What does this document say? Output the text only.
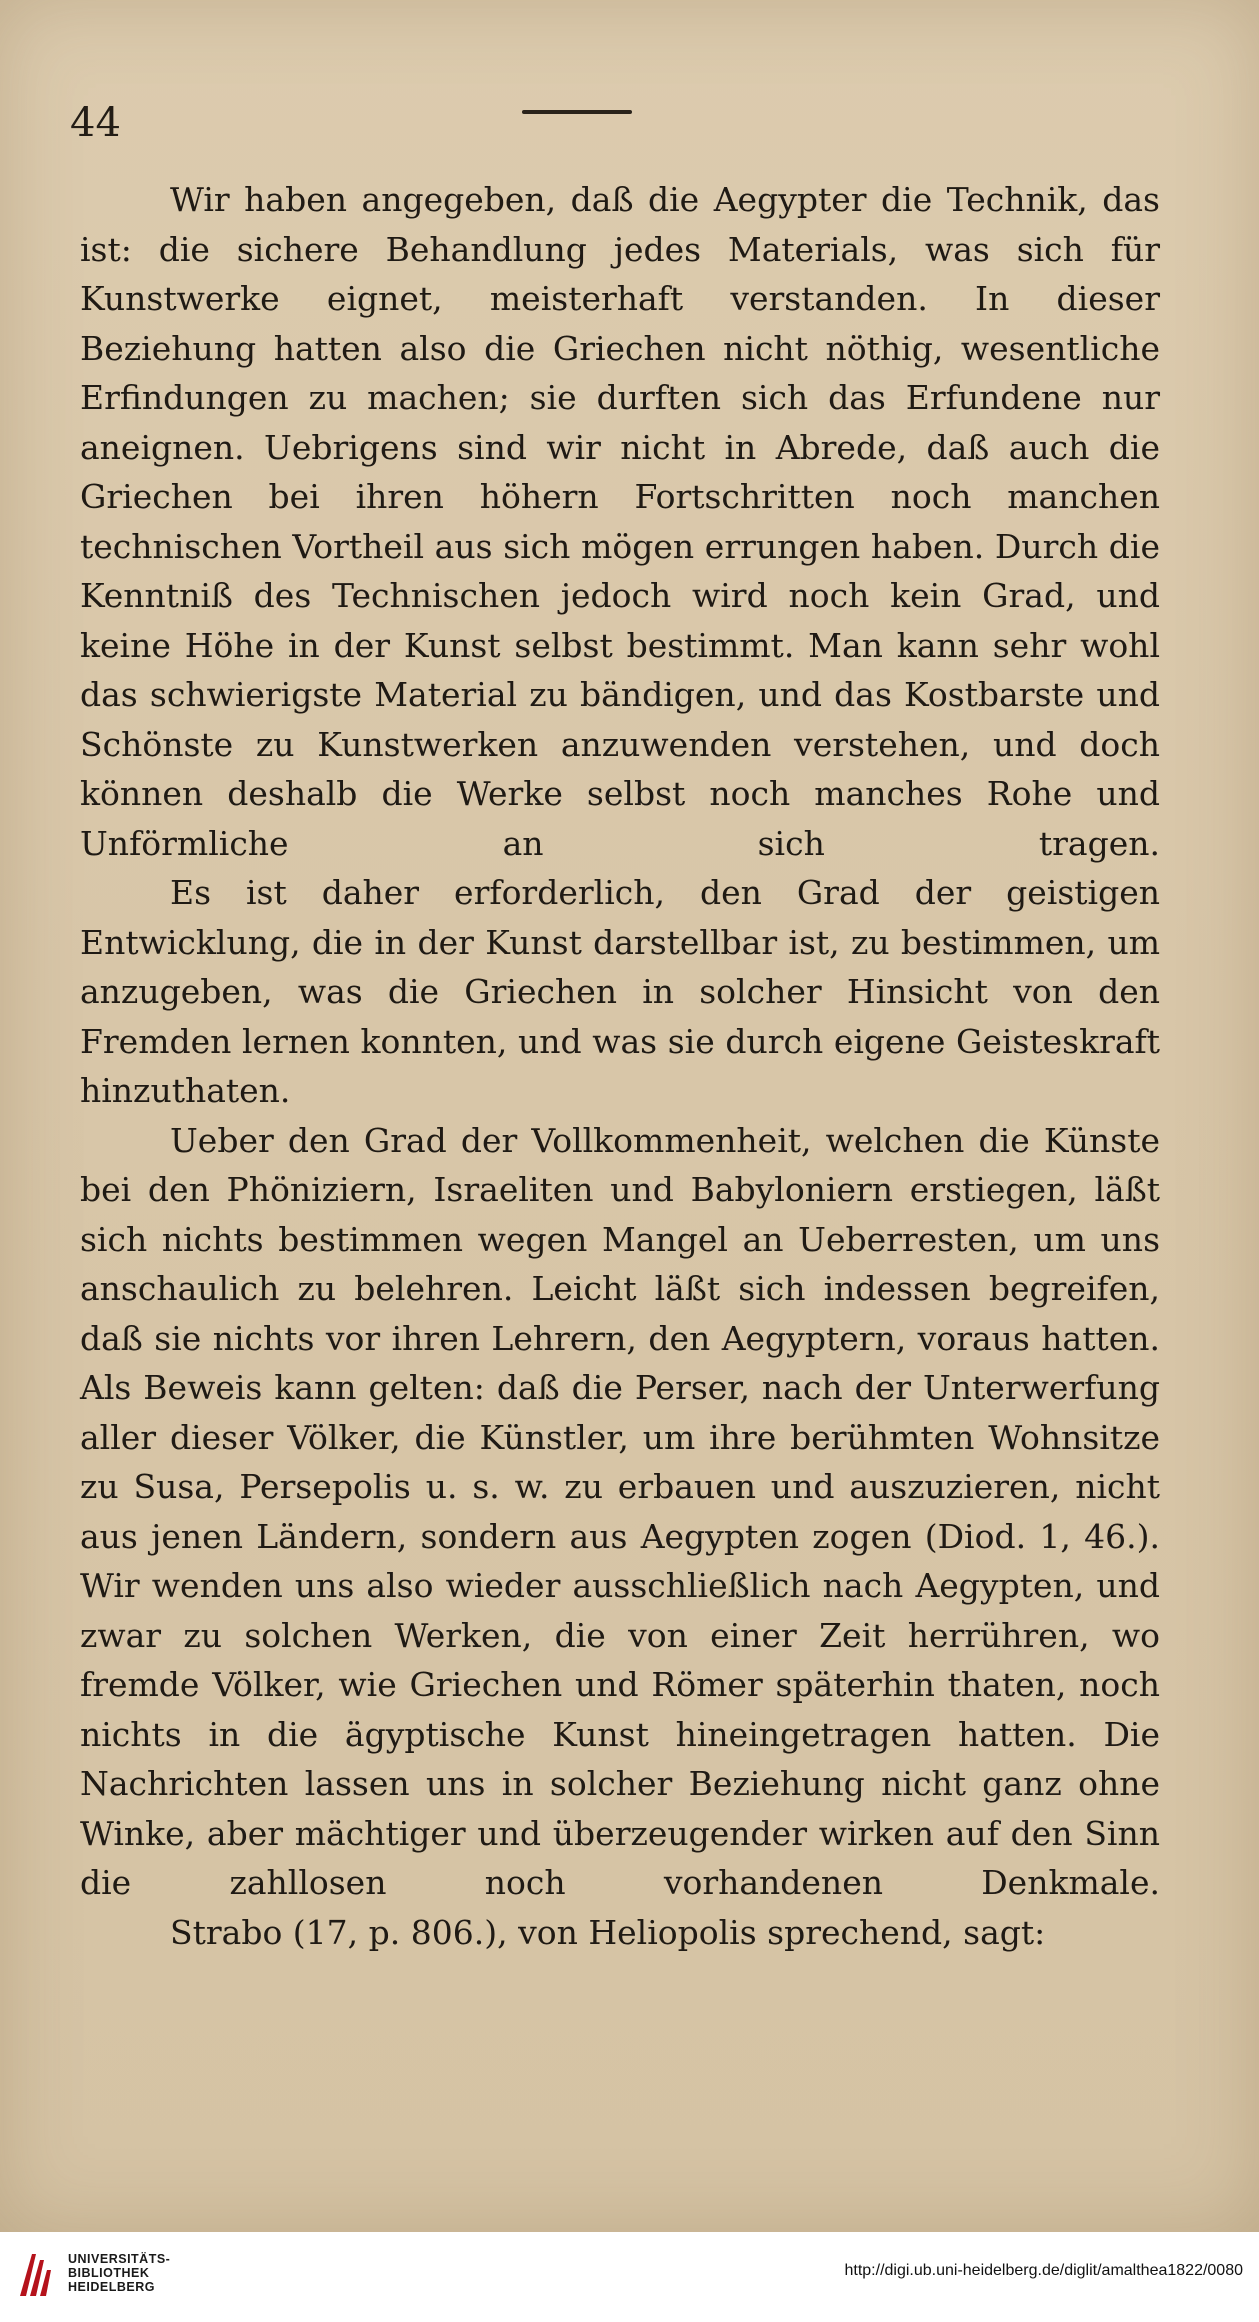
44

Wir haben angegeben, daß die Aegypter die Technik, das ist: die sichere Behandlung jedes Materials, was sich für Kunstwerke eignet, meisterhaft verstanden. In dieser Beziehung hatten also die Griechen nicht nöthig, wesentliche Erfindungen zu machen; sie durften sich das Erfundene nur aneignen. Uebrigens sind wir nicht in Abrede, daß auch die Griechen bei ihren höhern Fortschritten noch manchen technischen Vortheil aus sich mögen errungen haben. Durch die Kenntniß des Technischen jedoch wird noch kein Grad, und keine Höhe in der Kunst selbst bestimmt. Man kann sehr wohl das schwierigste Material zu bändigen, und das Kostbarste und Schönste zu Kunstwerken anzuwenden verstehen, und doch können deshalb die Werke selbst noch manches Rohe und Unförmliche an sich tragen.

Es ist daher erforderlich, den Grad der geistigen Entwicklung, die in der Kunst darstellbar ist, zu bestimmen, um anzugeben, was die Griechen in solcher Hinsicht von den Fremden lernen konnten, und was sie durch eigene Geisteskraft hinzuthaten.

Ueber den Grad der Vollkommenheit, welchen die Künste bei den Phöniziern, Israeliten und Babyloniern erstiegen, läßt sich nichts bestimmen wegen Mangel an Ueberresten, um uns anschaulich zu belehren. Leicht läßt sich indessen begreifen, daß sie nichts vor ihren Lehrern, den Aegyptern, voraus hatten. Als Beweis kann gelten: daß die Perser, nach der Unterwerfung aller dieser Völker, die Künstler, um ihre berühmten Wohnsitze zu Susa, Persepolis u. s. w. zu erbauen und auszuzieren, nicht aus jenen Ländern, sondern aus Aegypten zogen (Diod. 1, 46.). Wir wenden uns also wieder ausschließlich nach Aegypten, und zwar zu solchen Werken, die von einer Zeit herrühren, wo fremde Völker, wie Griechen und Römer späterhin thaten, noch nichts in die ägyptische Kunst hineingetragen hatten. Die Nachrichten lassen uns in solcher Beziehung nicht ganz ohne Winke, aber mächtiger und überzeugender wirken auf den Sinn die zahllosen noch vorhandenen Denkmale.

Strabo (17, p. 806.), von Heliopolis sprechend, sagt:

UNIVERSITÄTS-
BIBLIOTHEK
HEIDELBERG
http://digi.ub.uni-heidelberg.de/diglit/amalthea1822/0080
